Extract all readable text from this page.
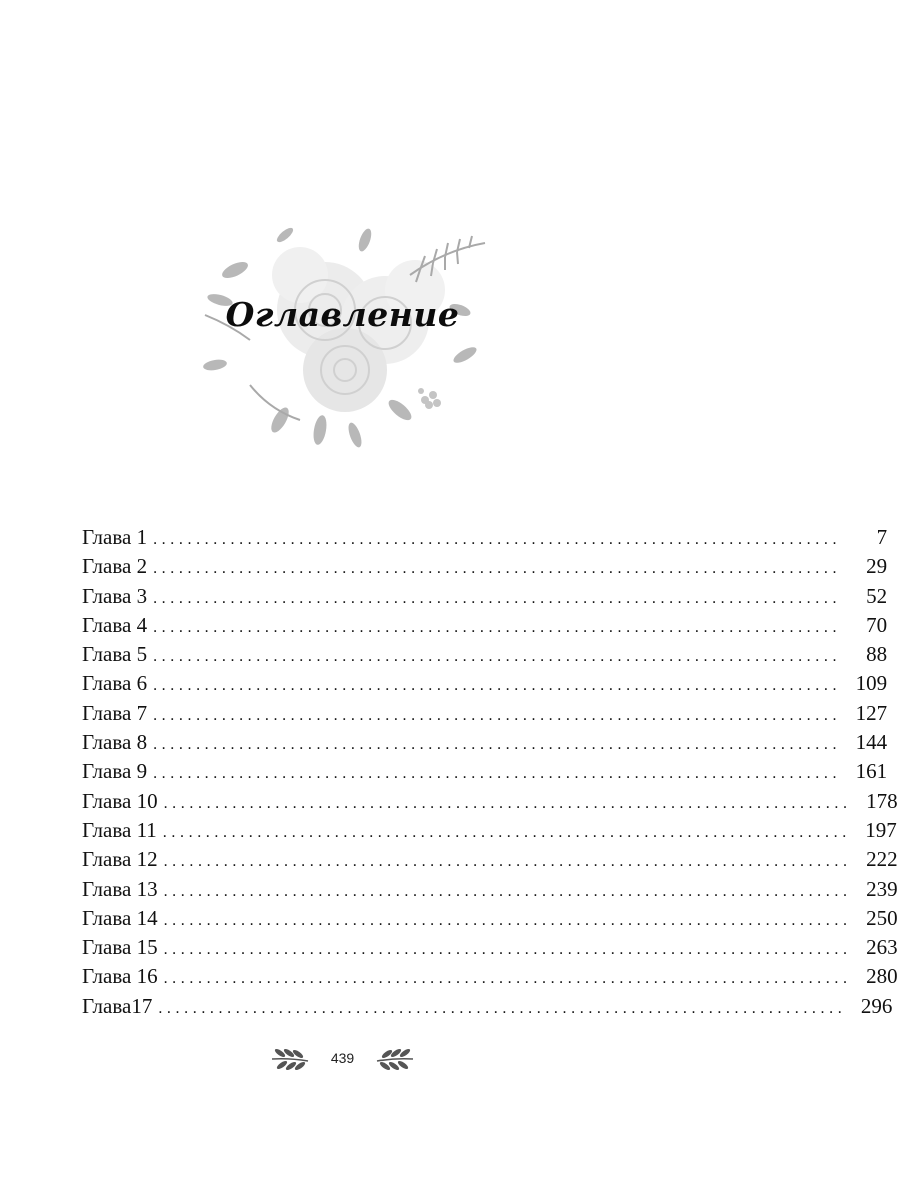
Оглавление
Глава 1 ................................................................................	7
Глава 2 ................................................................................	29
Глава 3 ................................................................................	52
Глава 4 ................................................................................	70
Глава 5 ................................................................................	88
Глава 6 ................................................................................ 109
Глава 7 ................................................................................ 127
Глава 8 ................................................................................ 144
Глава 9 ................................................................................ 161
Глава 10 ................................................................................ 178
Глава 11 ................................................................................ 197
Глава 12 ................................................................................ 222
Глава 13 ................................................................................ 239
Глава 14 ................................................................................ 250
Глава 15 ................................................................................ 263
Глава 16 ................................................................................ 280
Глава17 ................................................................................ 296
439
